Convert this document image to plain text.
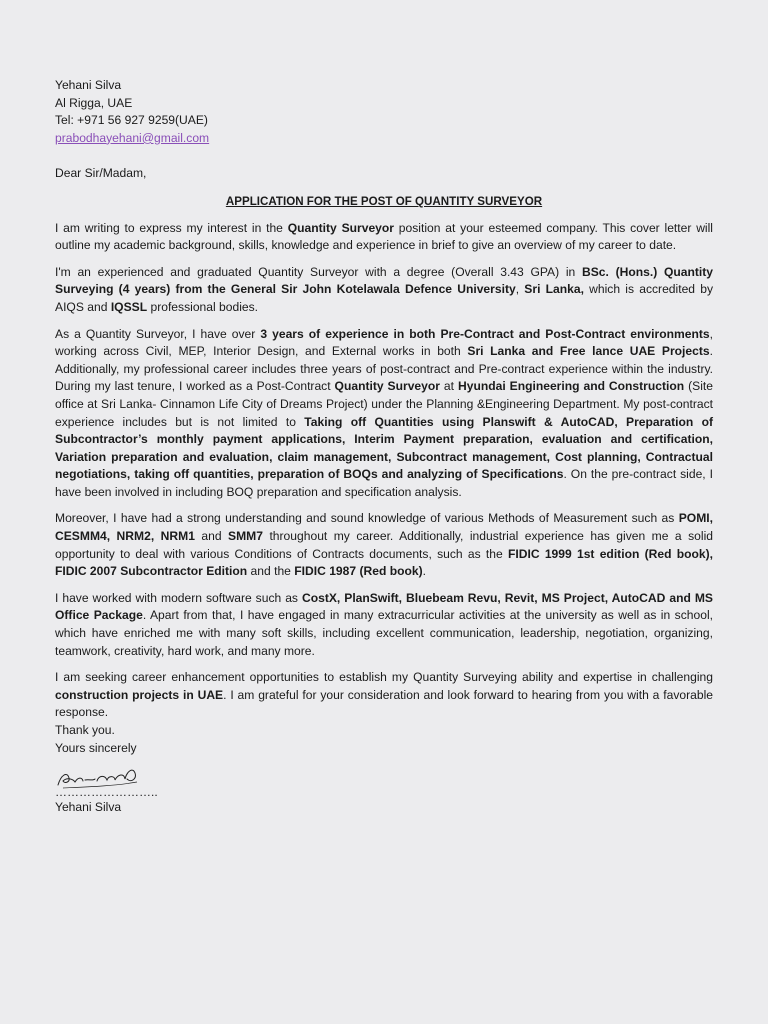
Yehani Silva

Al Rigga, UAE

Tel: +971 56 927 9259(UAE)

prabodhayehani@gmail.com

Dear Sir/Madam,

APPLICATION FOR THE POST OF QUANTITY SURVEYOR

I am writing to express my interest in the Quantity Surveyor position at your esteemed company. This cover letter will outline my academic background, skills, knowledge and experience in brief to give an overview of my career to date.

I'm an experienced and graduated Quantity Surveyor with a degree (Overall 3.43 GPA) in BSc. (Hons.) Quantity Surveying (4 years) from the General Sir John Kotelawala Defence University, Sri Lanka, which is accredited by AIQS and IQSSL professional bodies.

As a Quantity Surveyor, I have over 3 years of experience in both Pre-Contract and Post-Contract environments, working across Civil, MEP, Interior Design, and External works in both Sri Lanka and Free lance UAE Projects. Additionally, my professional career includes three years of post-contract and Pre-contract experience within the industry. During my last tenure, I worked as a Post-Contract Quantity Surveyor at Hyundai Engineering and Construction (Site office at Sri Lanka- Cinnamon Life City of Dreams Project) under the Planning &Engineering Department. My post-contract experience includes but is not limited to Taking off Quantities using Planswift & AutoCAD, Preparation of Subcontractor’s monthly payment applications, Interim Payment preparation, evaluation and certification, Variation preparation and evaluation, claim management, Subcontract management, Cost planning, Contractual negotiations, taking off quantities, preparation of BOQs and analyzing of Specifications. On the pre-contract side, I have been involved in including BOQ preparation and specification analysis.

Moreover, I have had a strong understanding and sound knowledge of various Methods of Measurement such as POMI, CESMM4, NRM2, NRM1 and SMM7 throughout my career. Additionally, industrial experience has given me a solid opportunity to deal with various Conditions of Contracts documents, such as the FIDIC 1999 1st edition (Red book), FIDIC 2007 Subcontractor Edition and the FIDIC 1987 (Red book).

I have worked with modern software such as CostX, PlanSwift, Bluebeam Revu, Revit, MS Project, AutoCAD and MS Office Package. Apart from that, I have engaged in many extracurricular activities at the university as well as in school, which have enriched me with many soft skills, including excellent communication, leadership, negotiation, organizing, teamwork, creativity, hard work, and many more.

I am seeking career enhancement opportunities to establish my Quantity Surveying ability and expertise in challenging construction projects in UAE. I am grateful for your consideration and look forward to hearing from you with a favorable response.

Thank you.

Yours sincerely

……………………..

Yehani Silva
